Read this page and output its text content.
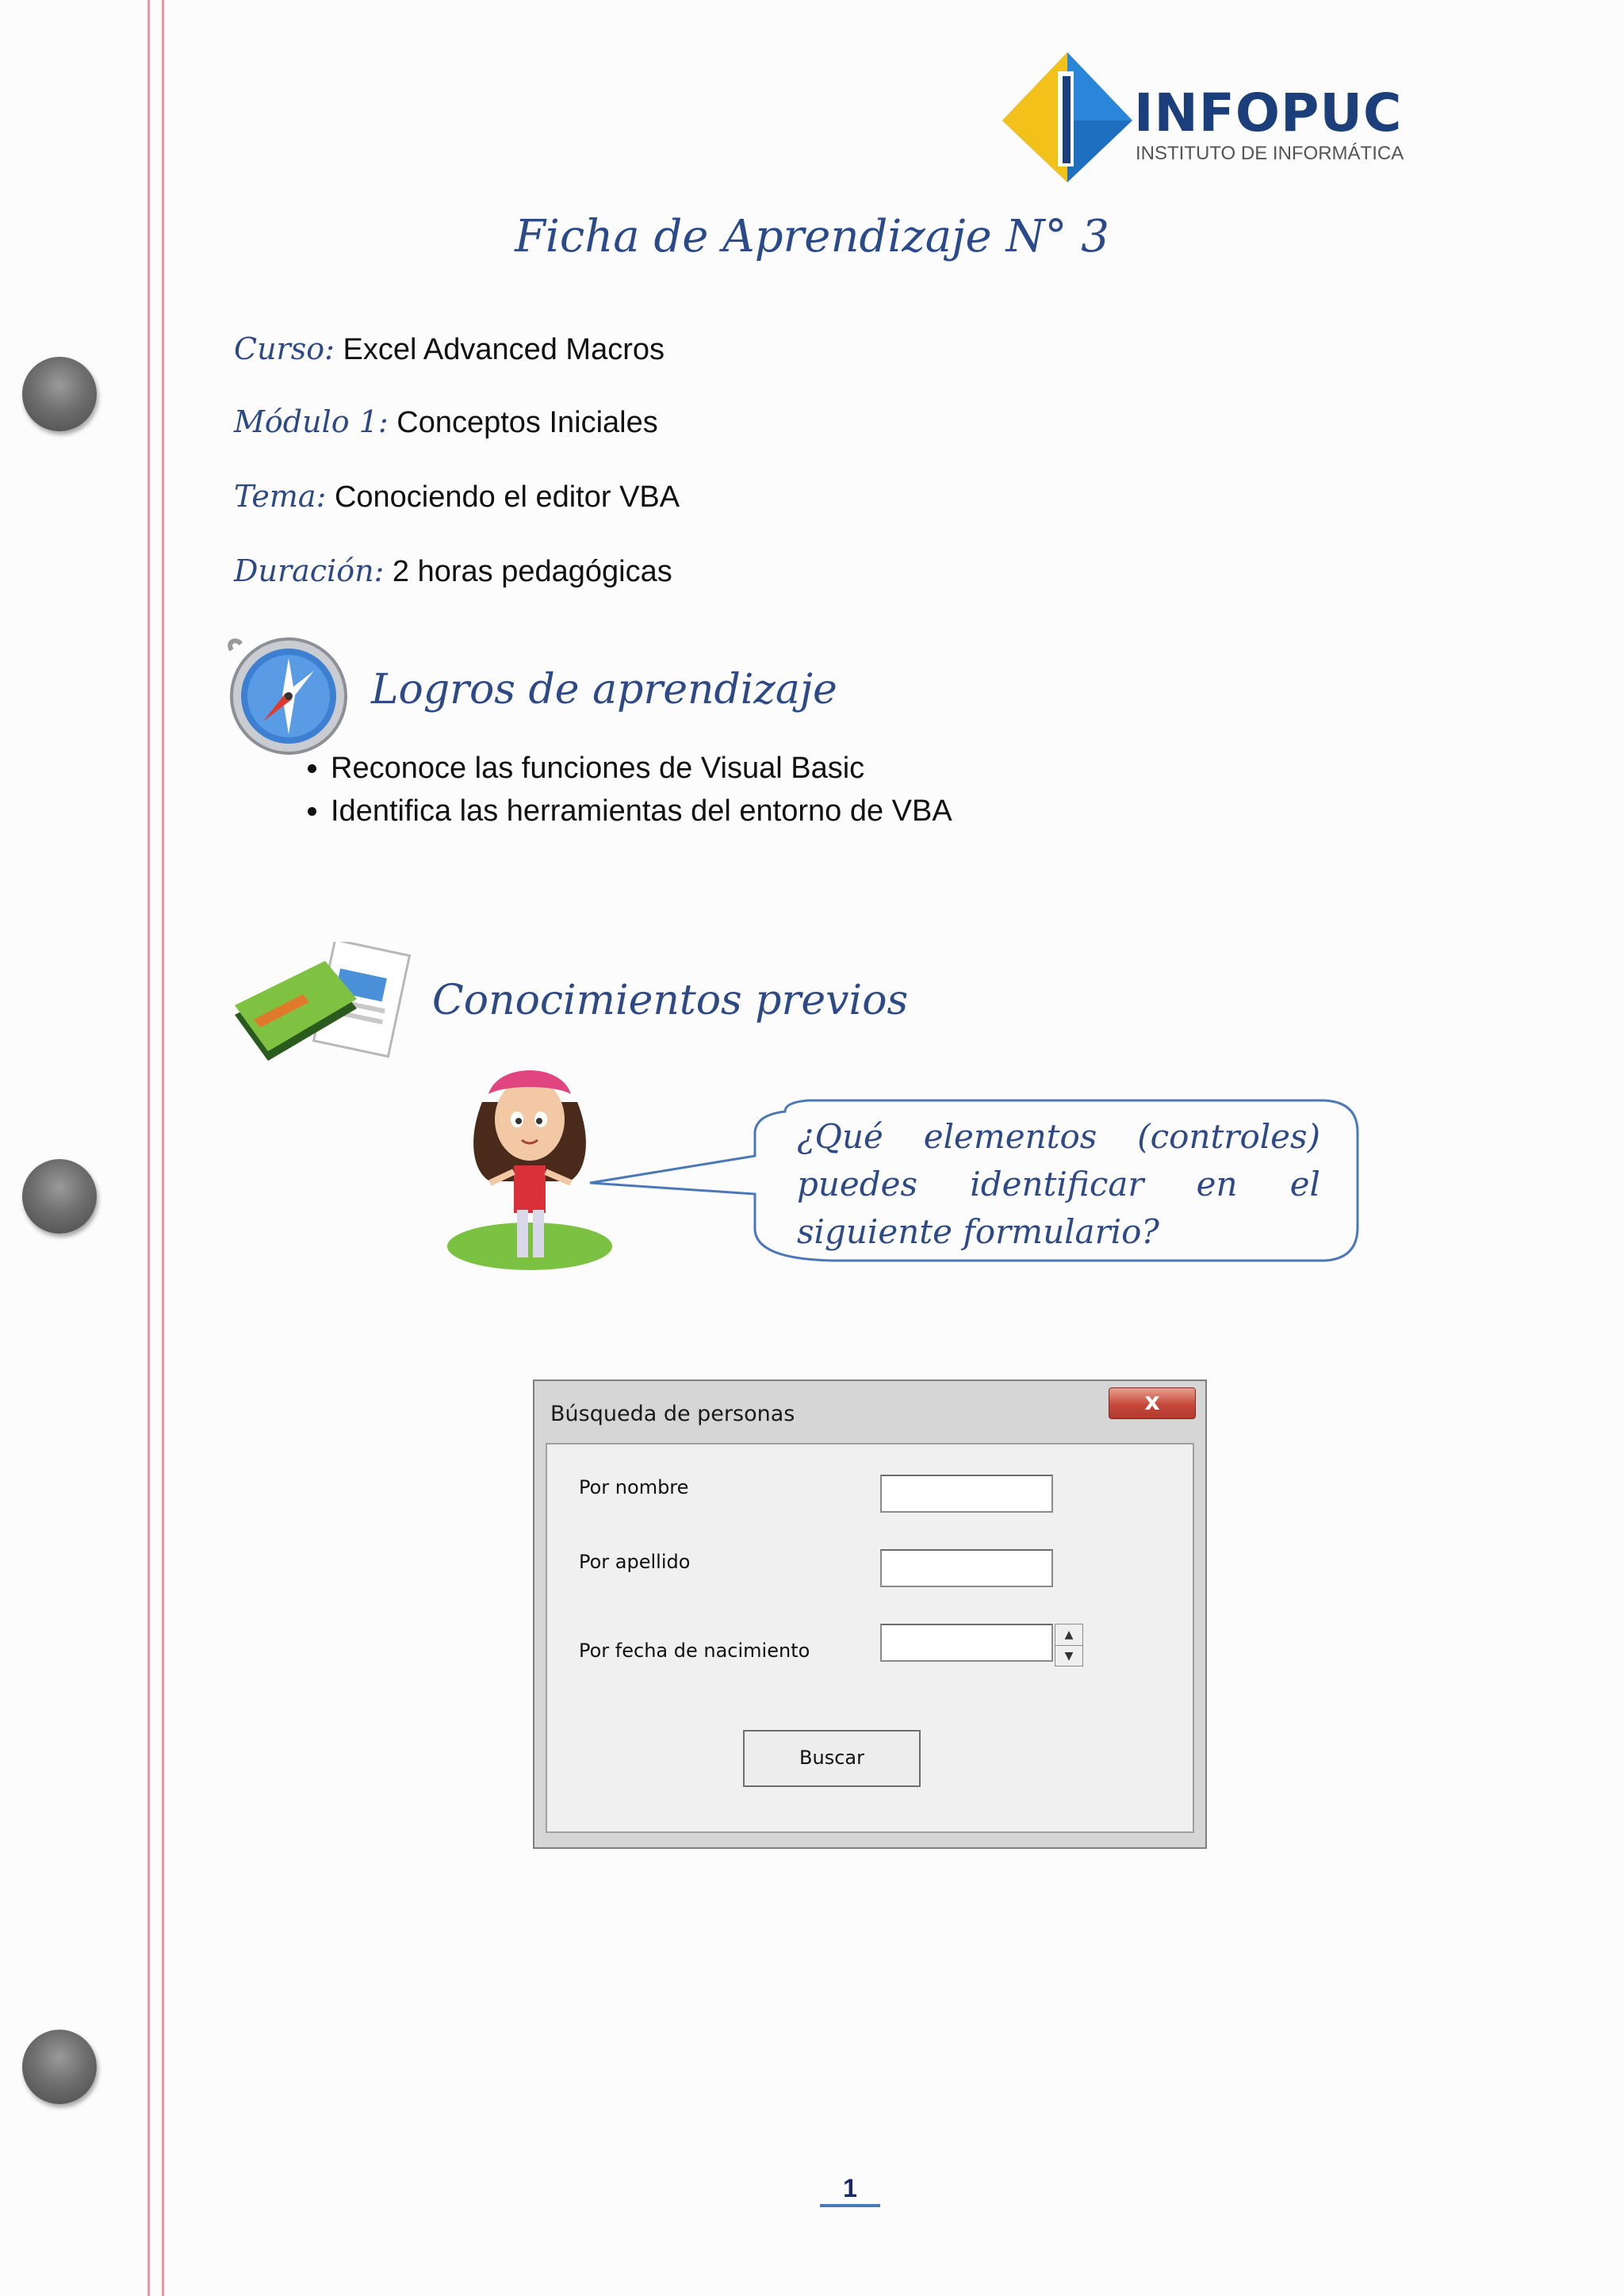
INFOPUC
INSTITUTO DE INFORMÁTICA
Ficha de Aprendizaje N° 3
Curso: Excel Advanced Macros
Módulo 1: Conceptos Iniciales
Tema: Conociendo el editor VBA
Duración: 2 horas pedagógicas
Logros de aprendizaje
• Reconoce las funciones de Visual Basic
• Identifica las herramientas del entorno de VBA
Conocimientos previos
¿Qué elementos (controles)
puedes identificar en el
siguiente formulario?
Búsqueda de personas	x
Por nombre
Por apellido
Por fecha de nacimiento
▲
▼
Buscar
1
